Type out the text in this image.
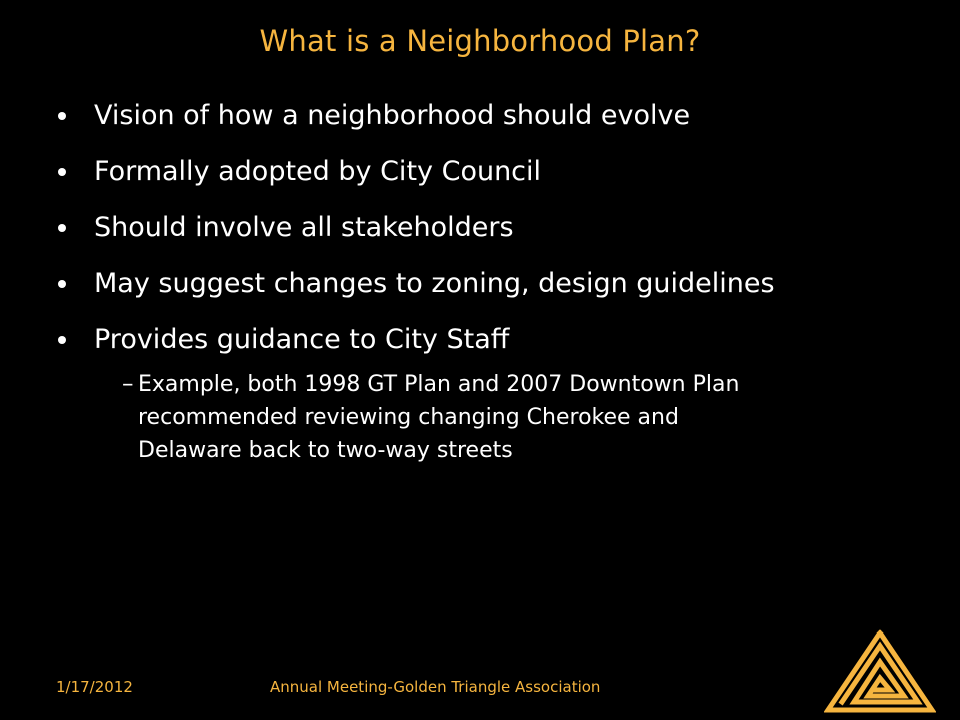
What is a Neighborhood Plan?
Vision of how a neighborhood should evolve
Formally adopted by City Council
Should involve all stakeholders
May suggest changes to zoning, design guidelines
Provides guidance to City Staff
– Example, both 1998 GT Plan and 2007 Downtown Plan
recommended reviewing changing Cherokee and
Delaware back to two-way streets
1/17/2012	Annual Meeting-Golden Triangle Association
